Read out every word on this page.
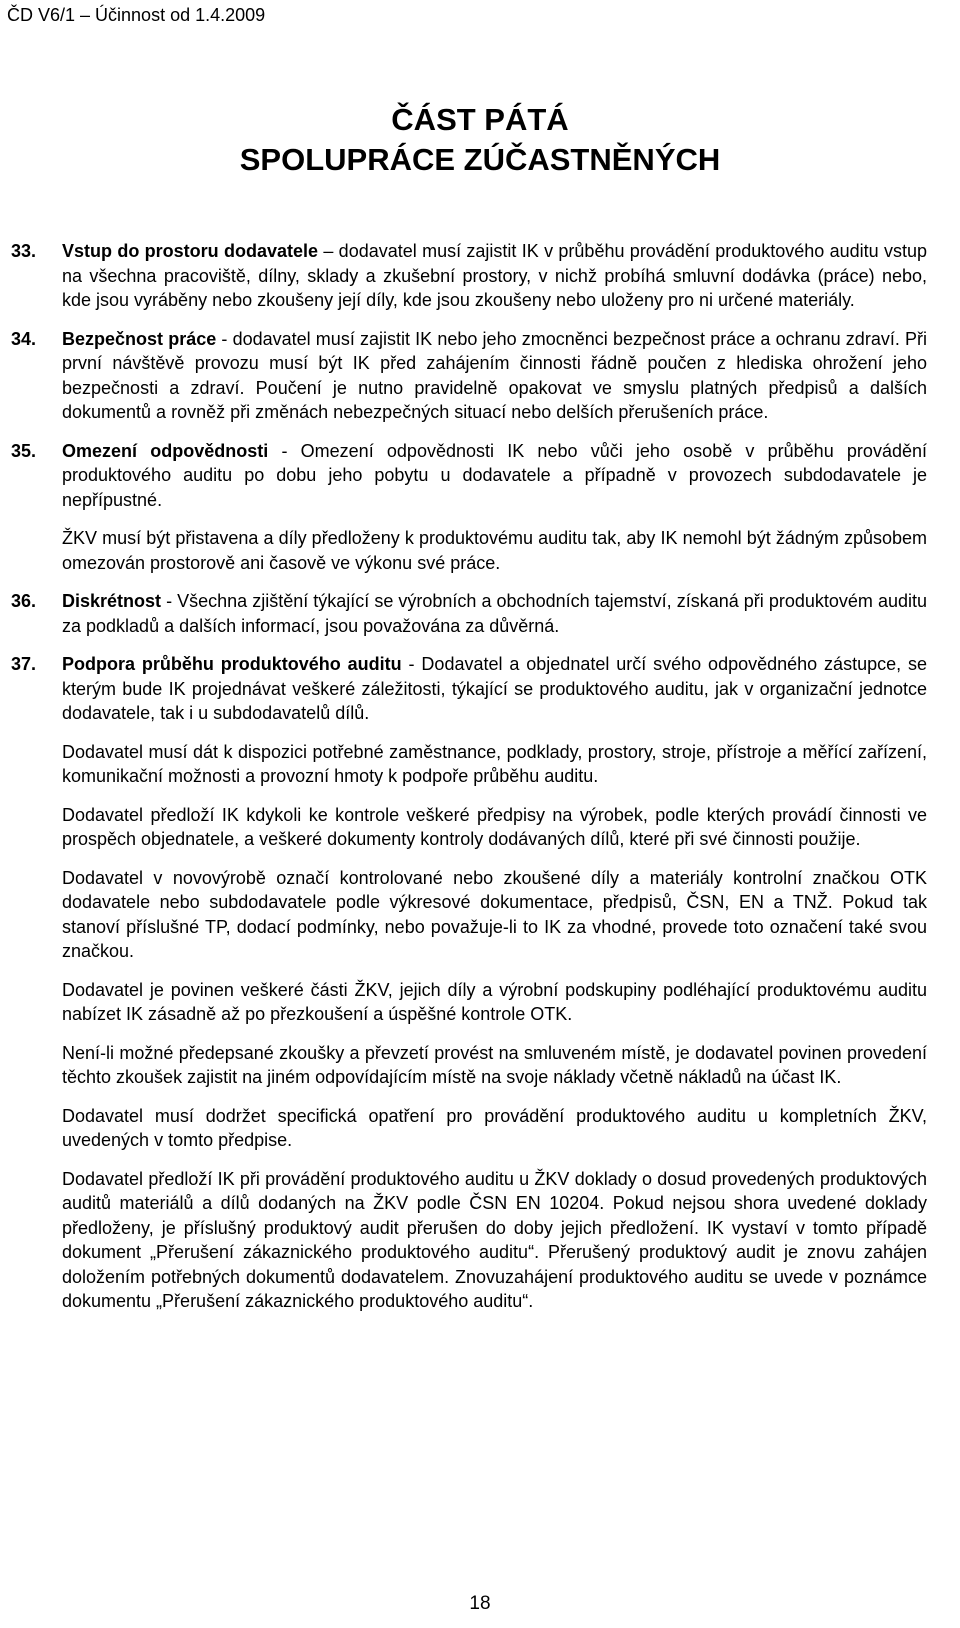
ČD V6/1 – Účinnost od 1.4.2009
ČÁST PÁTÁ
SPOLUPRÁCE ZÚČASTNĚNÝCH
33. Vstup do prostoru dodavatele – dodavatel musí zajistit IK v průběhu provádění produktového auditu vstup na všechna pracoviště, dílny, sklady a zkušební prostory, v nichž probíhá smluvní dodávka (práce) nebo, kde jsou vyráběny nebo zkoušeny její díly, kde jsou zkoušeny nebo uloženy pro ni určené materiály.

34. Bezpečnost práce - dodavatel musí zajistit IK nebo jeho zmocněnci bezpečnost práce a ochranu zdraví. Při první návštěvě provozu musí být IK před zahájením činnosti řádně poučen z hlediska ohrožení jeho bezpečnosti a zdraví. Poučení je nutno pravidelně opakovat ve smyslu platných předpisů a dalších dokumentů a rovněž při změnách nebezpečných situací nebo delších přerušeních práce.

35. Omezení odpovědnosti - Omezení odpovědnosti IK nebo vůči jeho osobě v průběhu provádění produktového auditu po dobu jeho pobytu u dodavatele a případně v provozech subdodavatele je nepřípustné.

ŽKV musí být přistavena a díly předloženy k produktovému auditu tak, aby IK nemohl být žádným způsobem omezován prostorově ani časově ve výkonu své práce.

36. Diskrétnost - Všechna zjištění týkající se výrobních a obchodních tajemství, získaná při produktovém auditu za podkladů a dalších informací, jsou považována za důvěrná.

37. Podpora průběhu produktového auditu - Dodavatel a objednatel určí svého odpovědného zástupce, se kterým bude IK projednávat veškeré záležitosti, týkající se produktového auditu, jak v organizační jednotce dodavatele, tak i u subdodavatelů dílů.

Dodavatel musí dát k dispozici potřebné zaměstnance, podklady, prostory, stroje, přístroje a měřící zařízení, komunikační možnosti a provozní hmoty k podpoře průběhu auditu.

Dodavatel předloží IK kdykoli ke kontrole veškeré předpisy na výrobek, podle kterých provádí činnosti ve prospěch objednatele, a veškeré dokumenty kontroly dodávaných dílů, které při své činnosti použije.

Dodavatel v novovýrobě označí kontrolované nebo zkoušené díly a materiály kontrolní značkou OTK dodavatele nebo subdodavatele podle výkresové dokumentace, předpisů, ČSN, EN a TNŽ. Pokud tak stanoví příslušné TP, dodací podmínky, nebo považuje-li to IK za vhodné, provede toto označení také svou značkou.

Dodavatel je povinen veškeré části ŽKV, jejich díly a výrobní podskupiny podléhající produktovému auditu nabízet IK zásadně až po přezkoušení a úspěšné kontrole OTK.

Není-li možné předepsané zkoušky a převzetí provést na smluveném místě, je dodavatel povinen provedení těchto zkoušek zajistit na jiném odpovídajícím místě na svoje náklady včetně nákladů na účast IK.

Dodavatel musí dodržet specifická opatření pro provádění produktového auditu u kompletních ŽKV, uvedených v tomto předpise.

Dodavatel předloží IK při provádění produktového auditu u ŽKV doklady o dosud provedených produktových auditů materiálů a dílů dodaných na ŽKV podle ČSN EN 10204. Pokud nejsou shora uvedené doklady předloženy, je příslušný produktový audit přerušen do doby jejich předložení. IK vystaví v tomto případě dokument „Přerušení zákaznického produktového auditu“. Přerušený produktový audit je znovu zahájen doložením potřebných dokumentů dodavatelem. Znovuzahájení produktového auditu se uvede v poznámce dokumentu „Přerušení zákaznického produktového auditu“.

18
